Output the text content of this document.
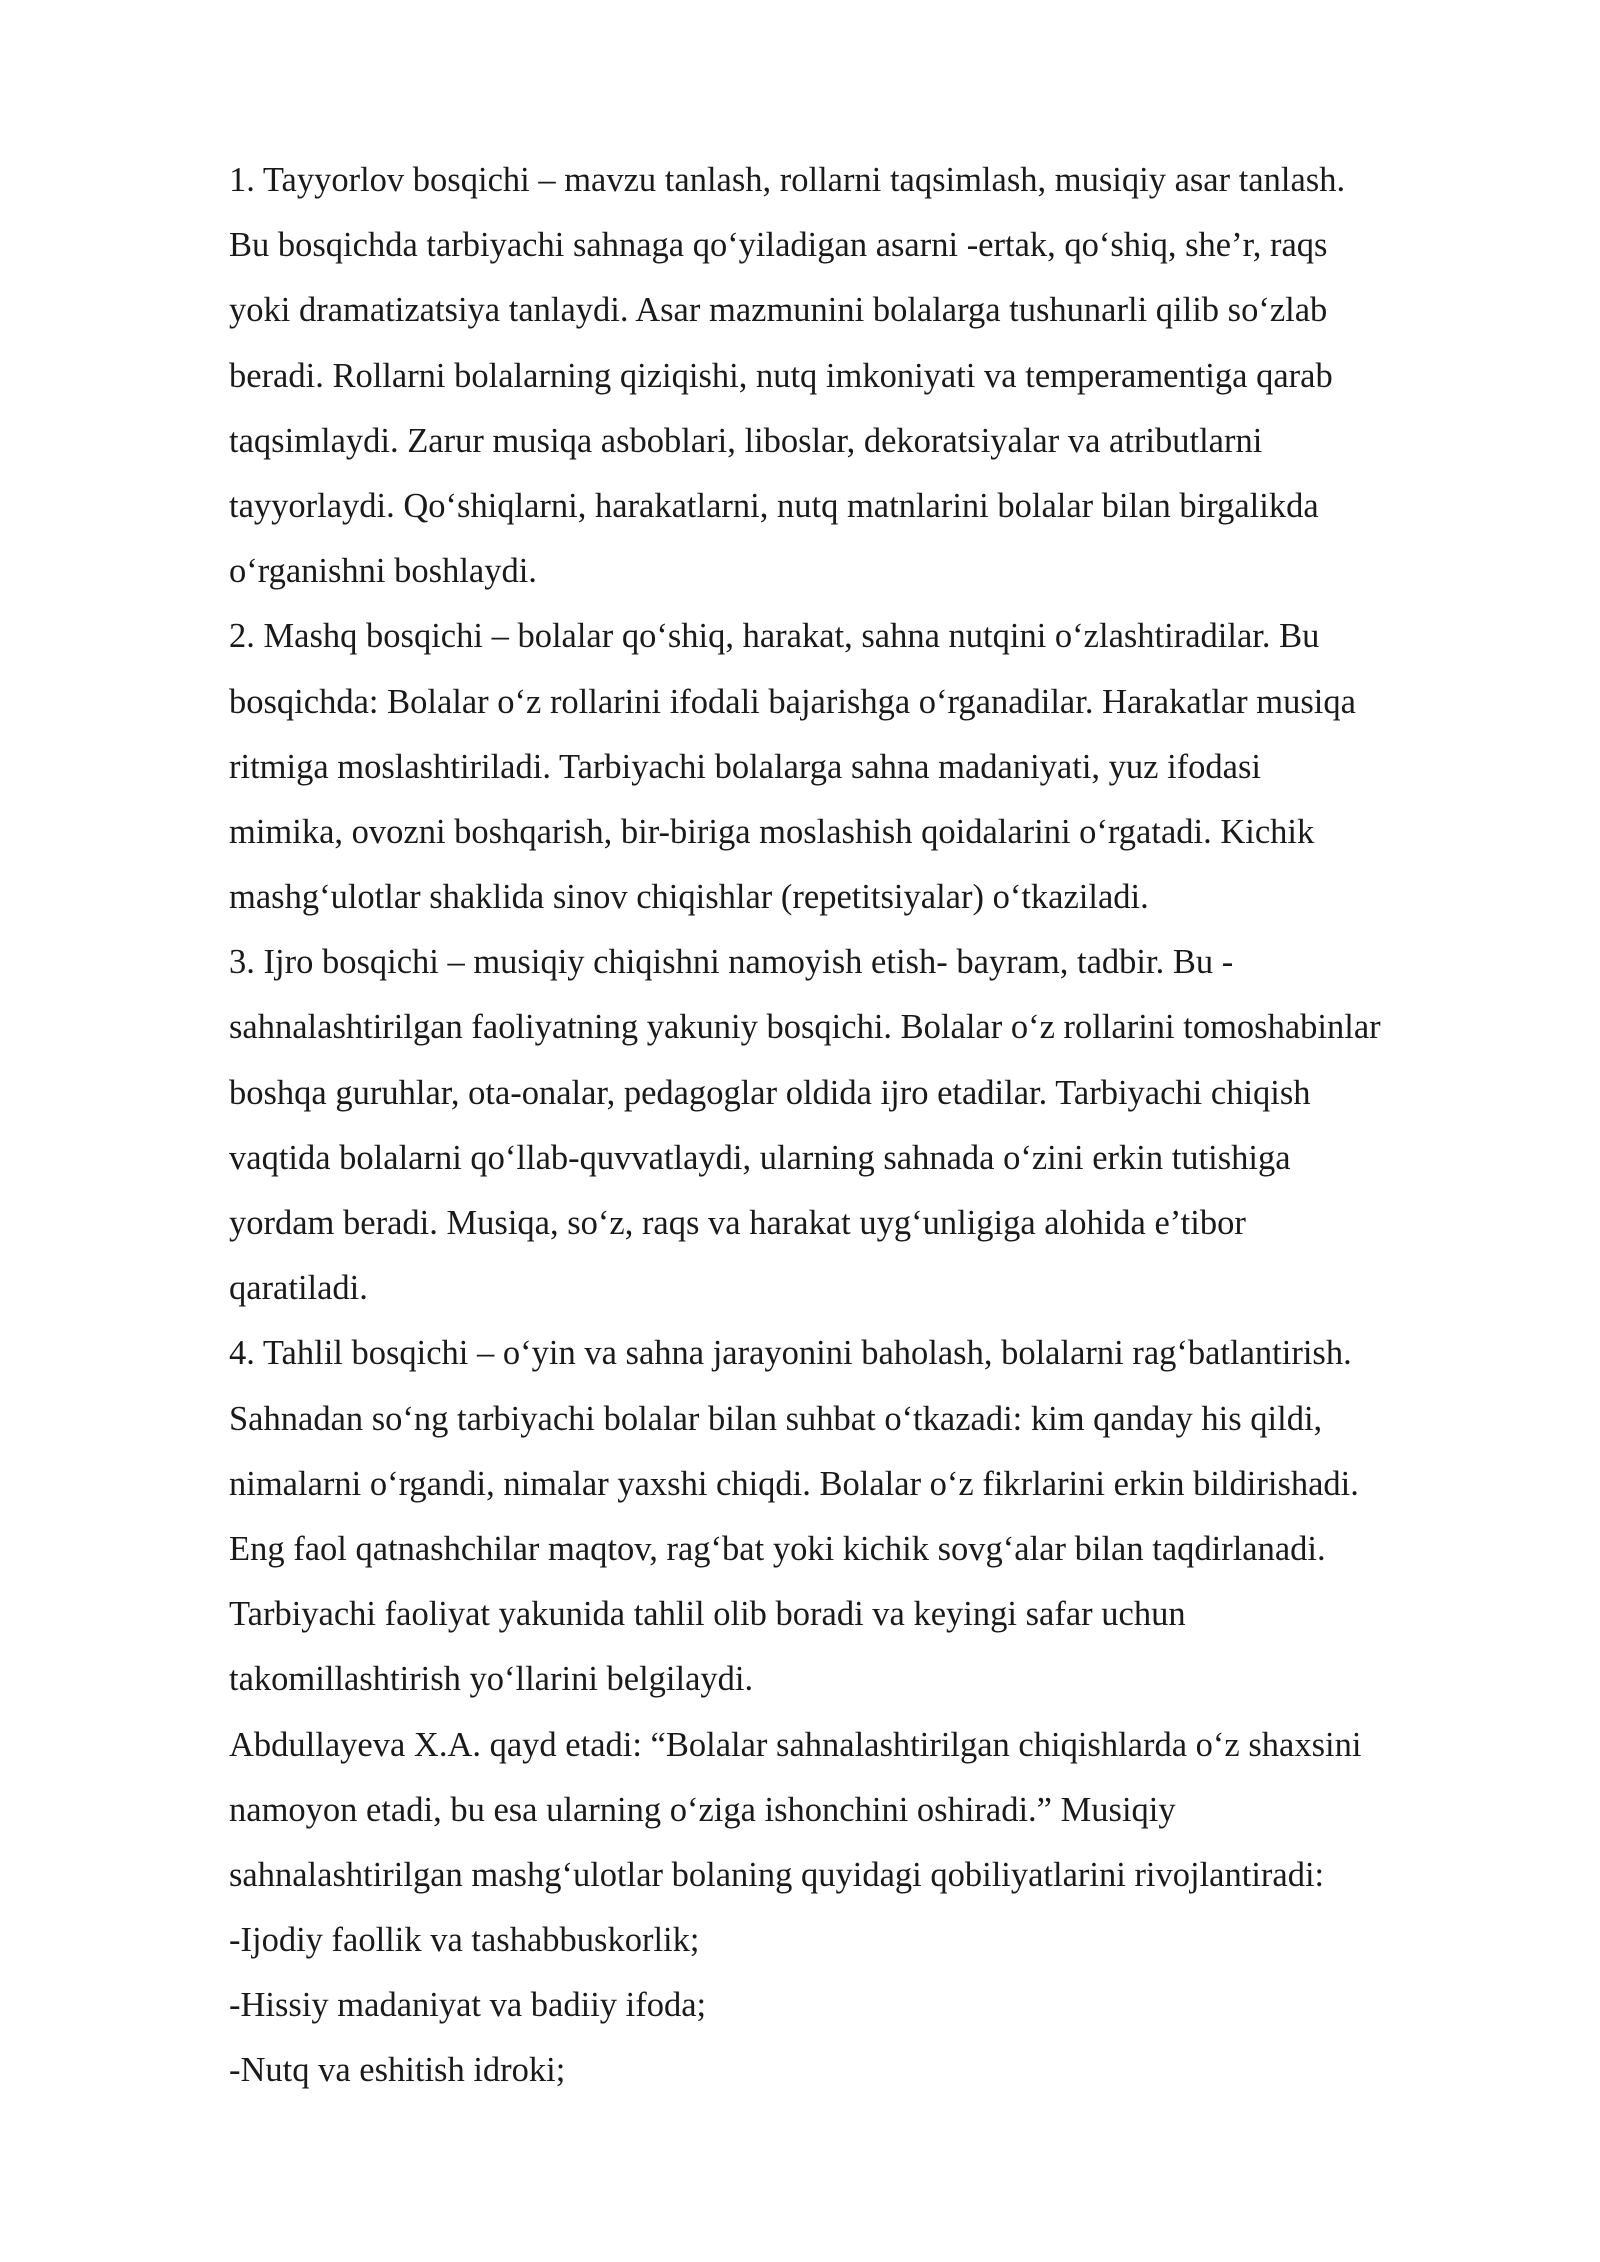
1. Tayyorlov bosqichi – mavzu tanlash, rollarni taqsimlash, musiqiy asar tanlash.
Bu bosqichda tarbiyachi sahnaga qo‘yiladigan asarni -ertak, qo‘shiq, she’r, raqs
yoki dramatizatsiya tanlaydi. Asar mazmunini bolalarga tushunarli qilib so‘zlab
beradi. Rollarni bolalarning qiziqishi, nutq imkoniyati va temperamentiga qarab
taqsimlaydi. Zarur musiqa asboblari, liboslar, dekoratsiyalar va atributlarni
tayyorlaydi. Qo‘shiqlarni, harakatlarni, nutq matnlarini bolalar bilan birgalikda
o‘rganishni boshlaydi.
2. Mashq bosqichi – bolalar qo‘shiq, harakat, sahna nutqini o‘zlashtiradilar. Bu
bosqichda: Bolalar o‘z rollarini ifodali bajarishga o‘rganadilar. Harakatlar musiqa
ritmiga moslashtiriladi. Tarbiyachi bolalarga sahna madaniyati, yuz ifodasi
mimika, ovozni boshqarish, bir-biriga moslashish qoidalarini o‘rgatadi. Kichik
mashg‘ulotlar shaklida sinov chiqishlar (repetitsiyalar) o‘tkaziladi.
3. Ijro bosqichi – musiqiy chiqishni namoyish etish- bayram, tadbir. Bu -
sahnalashtirilgan faoliyatning yakuniy bosqichi. Bolalar o‘z rollarini tomoshabinlar
boshqa guruhlar, ota-onalar, pedagoglar oldida ijro etadilar. Tarbiyachi chiqish
vaqtida bolalarni qo‘llab-quvvatlaydi, ularning sahnada o‘zini erkin tutishiga
yordam beradi. Musiqa, so‘z, raqs va harakat uyg‘unligiga alohida e’tibor
qaratiladi.
4. Tahlil bosqichi – o‘yin va sahna jarayonini baholash, bolalarni rag‘batlantirish.
Sahnadan so‘ng tarbiyachi bolalar bilan suhbat o‘tkazadi: kim qanday his qildi,
nimalarni o‘rgandi, nimalar yaxshi chiqdi. Bolalar o‘z fikrlarini erkin bildirishadi.
Eng faol qatnashchilar maqtov, rag‘bat yoki kichik sovg‘alar bilan taqdirlanadi.
Tarbiyachi faoliyat yakunida tahlil olib boradi va keyingi safar uchun
takomillashtirish yo‘llarini belgilaydi.
Abdullayeva X.A. qayd etadi: “Bolalar sahnalashtirilgan chiqishlarda o‘z shaxsini
namoyon etadi, bu esa ularning o‘ziga ishonchini oshiradi.” Musiqiy
sahnalashtirilgan mashg‘ulotlar bolaning quyidagi qobiliyatlarini rivojlantiradi:
-Ijodiy faollik va tashabbuskorlik;
-Hissiy madaniyat va badiiy ifoda;
-Nutq va eshitish idroki;
